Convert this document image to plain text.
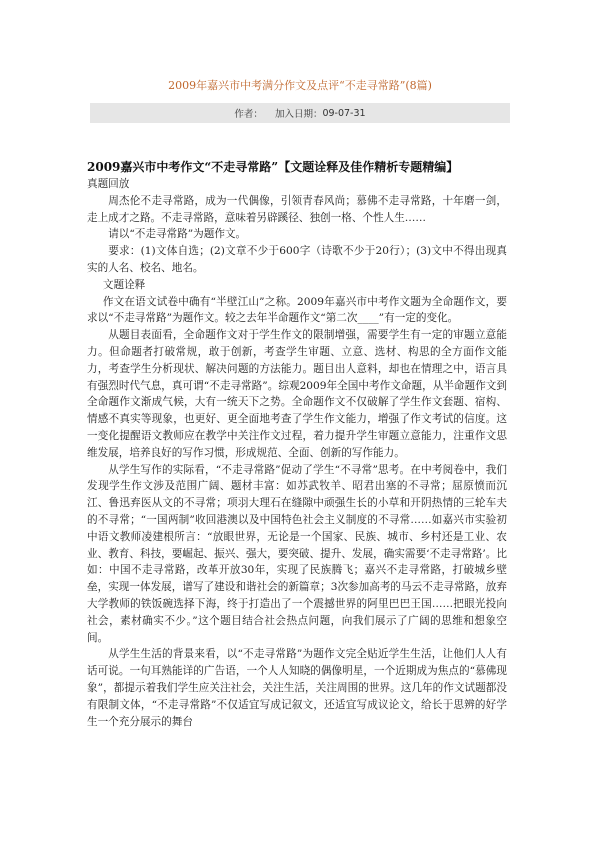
2009年嘉兴市中考满分作文及点评“不走寻常路”(8篇)
作者： 加入日期： 09-07-31
2009嘉兴市中考作文“不走寻常路”【文题诠释及佳作精析专题精编】

真题回放

周杰伦不走寻常路，成为一代偶像，引领青春风尚；慕佛不走寻常路，十年磨一剑，走上成才之路。不走寻常路，意味着另辟蹊径、独创一格、个性人生……

请以“不走寻常路”为题作文。

要求：(1)文体自选；(2)文章不少于600字（诗歌不少于20行）；(3)文中不得出现真实的人名、校名、地名。

文题诠释

作文在语文试卷中确有“半壁江山”之称。2009年嘉兴市中考作文题为全命题作文，要求以“不走寻常路”为题作文。较之去年半命题作文“第二次____”有一定的变化。

从题目表面看，全命题作文对于学生作文的限制增强，需要学生有一定的审题立意能力。但命题者打破常规，敢于创新，考查学生审题、立意、选材、构思的全方面作文能力，考查学生分析现状、解决问题的方法能力。题目出人意料，却也在情理之中，语言具有强烈时代气息，真可谓“不走寻常路”。综观2009年全国中考作文命题，从半命题作文到全命题作文渐成气候，大有一统天下之势。全命题作文不仅破解了学生作文套题、宿构、情感不真实等现象，也更好、更全面地考查了学生作文能力，增强了作文考试的信度。这一变化提醒语文教师应在教学中关注作文过程，着力提升学生审题立意能力，注重作文思维发展，培养良好的写作习惯，形成规范、全面、创新的写作能力。

从学生写作的实际看，“不走寻常路”促动了学生“不寻常”思考。在中考阅卷中，我们发现学生作文涉及范围广阔、题材丰富：如苏武牧羊、昭君出塞的不寻常；屈原愤而沉江、鲁迅弃医从文的不寻常；项羽大理石在缝隙中顽强生长的小草和开阴热情的三轮车夫的不寻常；“一国两制”收回港澳以及中国特色社会主义制度的不寻常……如嘉兴市实验初中语文教师凌建根所言：“放眼世界，无论是一个国家、民族、城市、乡村还是工业、农业、教育、科技，要崛起、振兴、强大，要突破、提升、发展，确实需要‘不走寻常路’。比如：中国不走寻常路，改革开放30年，实现了民族腾飞；嘉兴不走寻常路，打破城乡壁垒，实现一体发展，谱写了建设和谐社会的新篇章；3次参加高考的马云不走寻常路，放弃大学教师的铁饭碗选择下海，终于打造出了一个震撼世界的阿里巴巴王国……把眼光投向社会，素材确实不少。”这个题目结合社会热点问题，向我们展示了广阔的思维和想象空间。

从学生生活的背景来看，以“不走寻常路”为题作文完全贴近学生生活，让他们人人有话可说。一句耳熟能详的广告语，一个人人知晓的偶像明星，一个近期成为焦点的“慕佛现象”，都提示着我们学生应关注社会，关注生活，关注周围的世界。这几年的作文试题都没有限制文体，“不走寻常路”不仅适宜写成记叙文，还适宜写成议论文，给长于思辨的好学生一个充分展示的舞台
